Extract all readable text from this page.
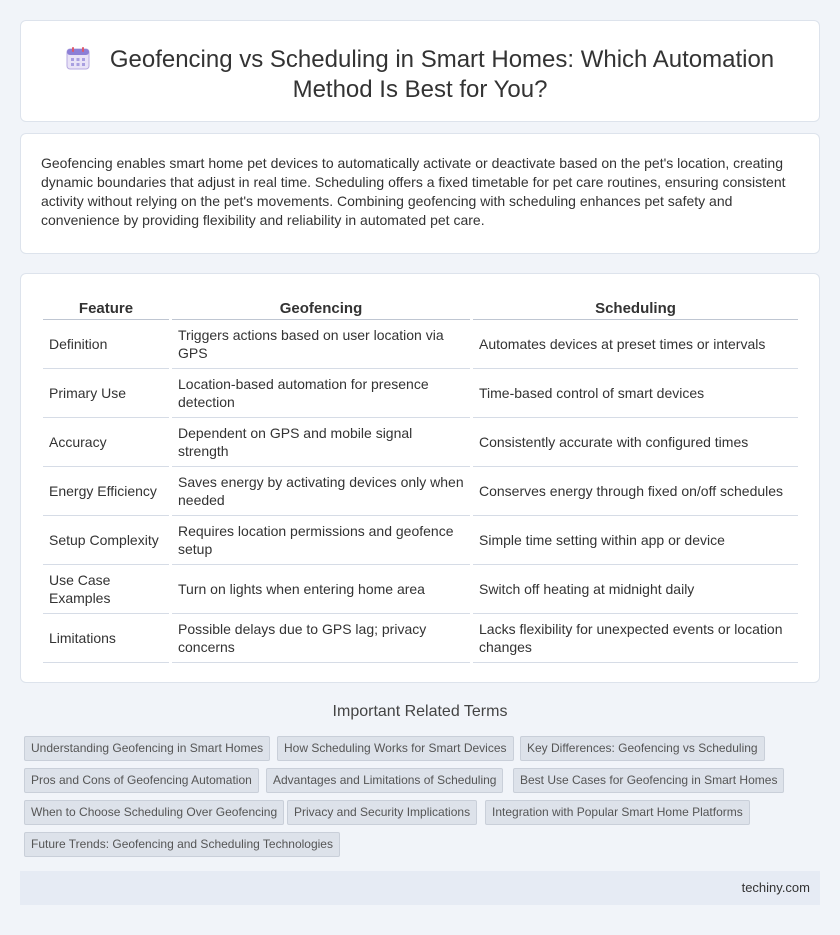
Geofencing vs Scheduling in Smart Homes: Which Automation Method Is Best for You?

Geofencing enables smart home pet devices to automatically activate or deactivate based on the pet's location, creating dynamic boundaries that adjust in real time. Scheduling offers a fixed timetable for pet care routines, ensuring consistent activity without relying on the pet's movements. Combining geofencing with scheduling enhances pet safety and convenience by providing flexibility and reliability in automated pet care.

Feature		Geofencing		Scheduling
Definition		Triggers actions based on user location via GPS		Automates devices at preset times or intervals
Primary Use		Location-based automation for presence detection		Time-based control of smart devices
Accuracy		Dependent on GPS and mobile signal strength		Consistently accurate with configured times
Energy Efficiency		Saves energy by activating devices only when needed		Conserves energy through fixed on/off schedules
Setup Complexity		Requires location permissions and geofence setup		Simple time setting within app or device
Use Case Examples		Turn on lights when entering home area		Switch off heating at midnight daily
Limitations		Possible delays due to GPS lag; privacy concerns		Lacks flexibility for unexpected events or location changes
Important Related Terms
Understanding Geofencing in Smart Homes	How Scheduling Works for Smart Devices	Key Differences: Geofencing vs Scheduling
Pros and Cons of Geofencing Automation	Advantages and Limitations of Scheduling	Best Use Cases for Geofencing in Smart Homes
When to Choose Scheduling Over Geofencing	Privacy and Security Implications	Integration with Popular Smart Home Platforms
Future Trends: Geofencing and Scheduling Technologies
techiny.com
